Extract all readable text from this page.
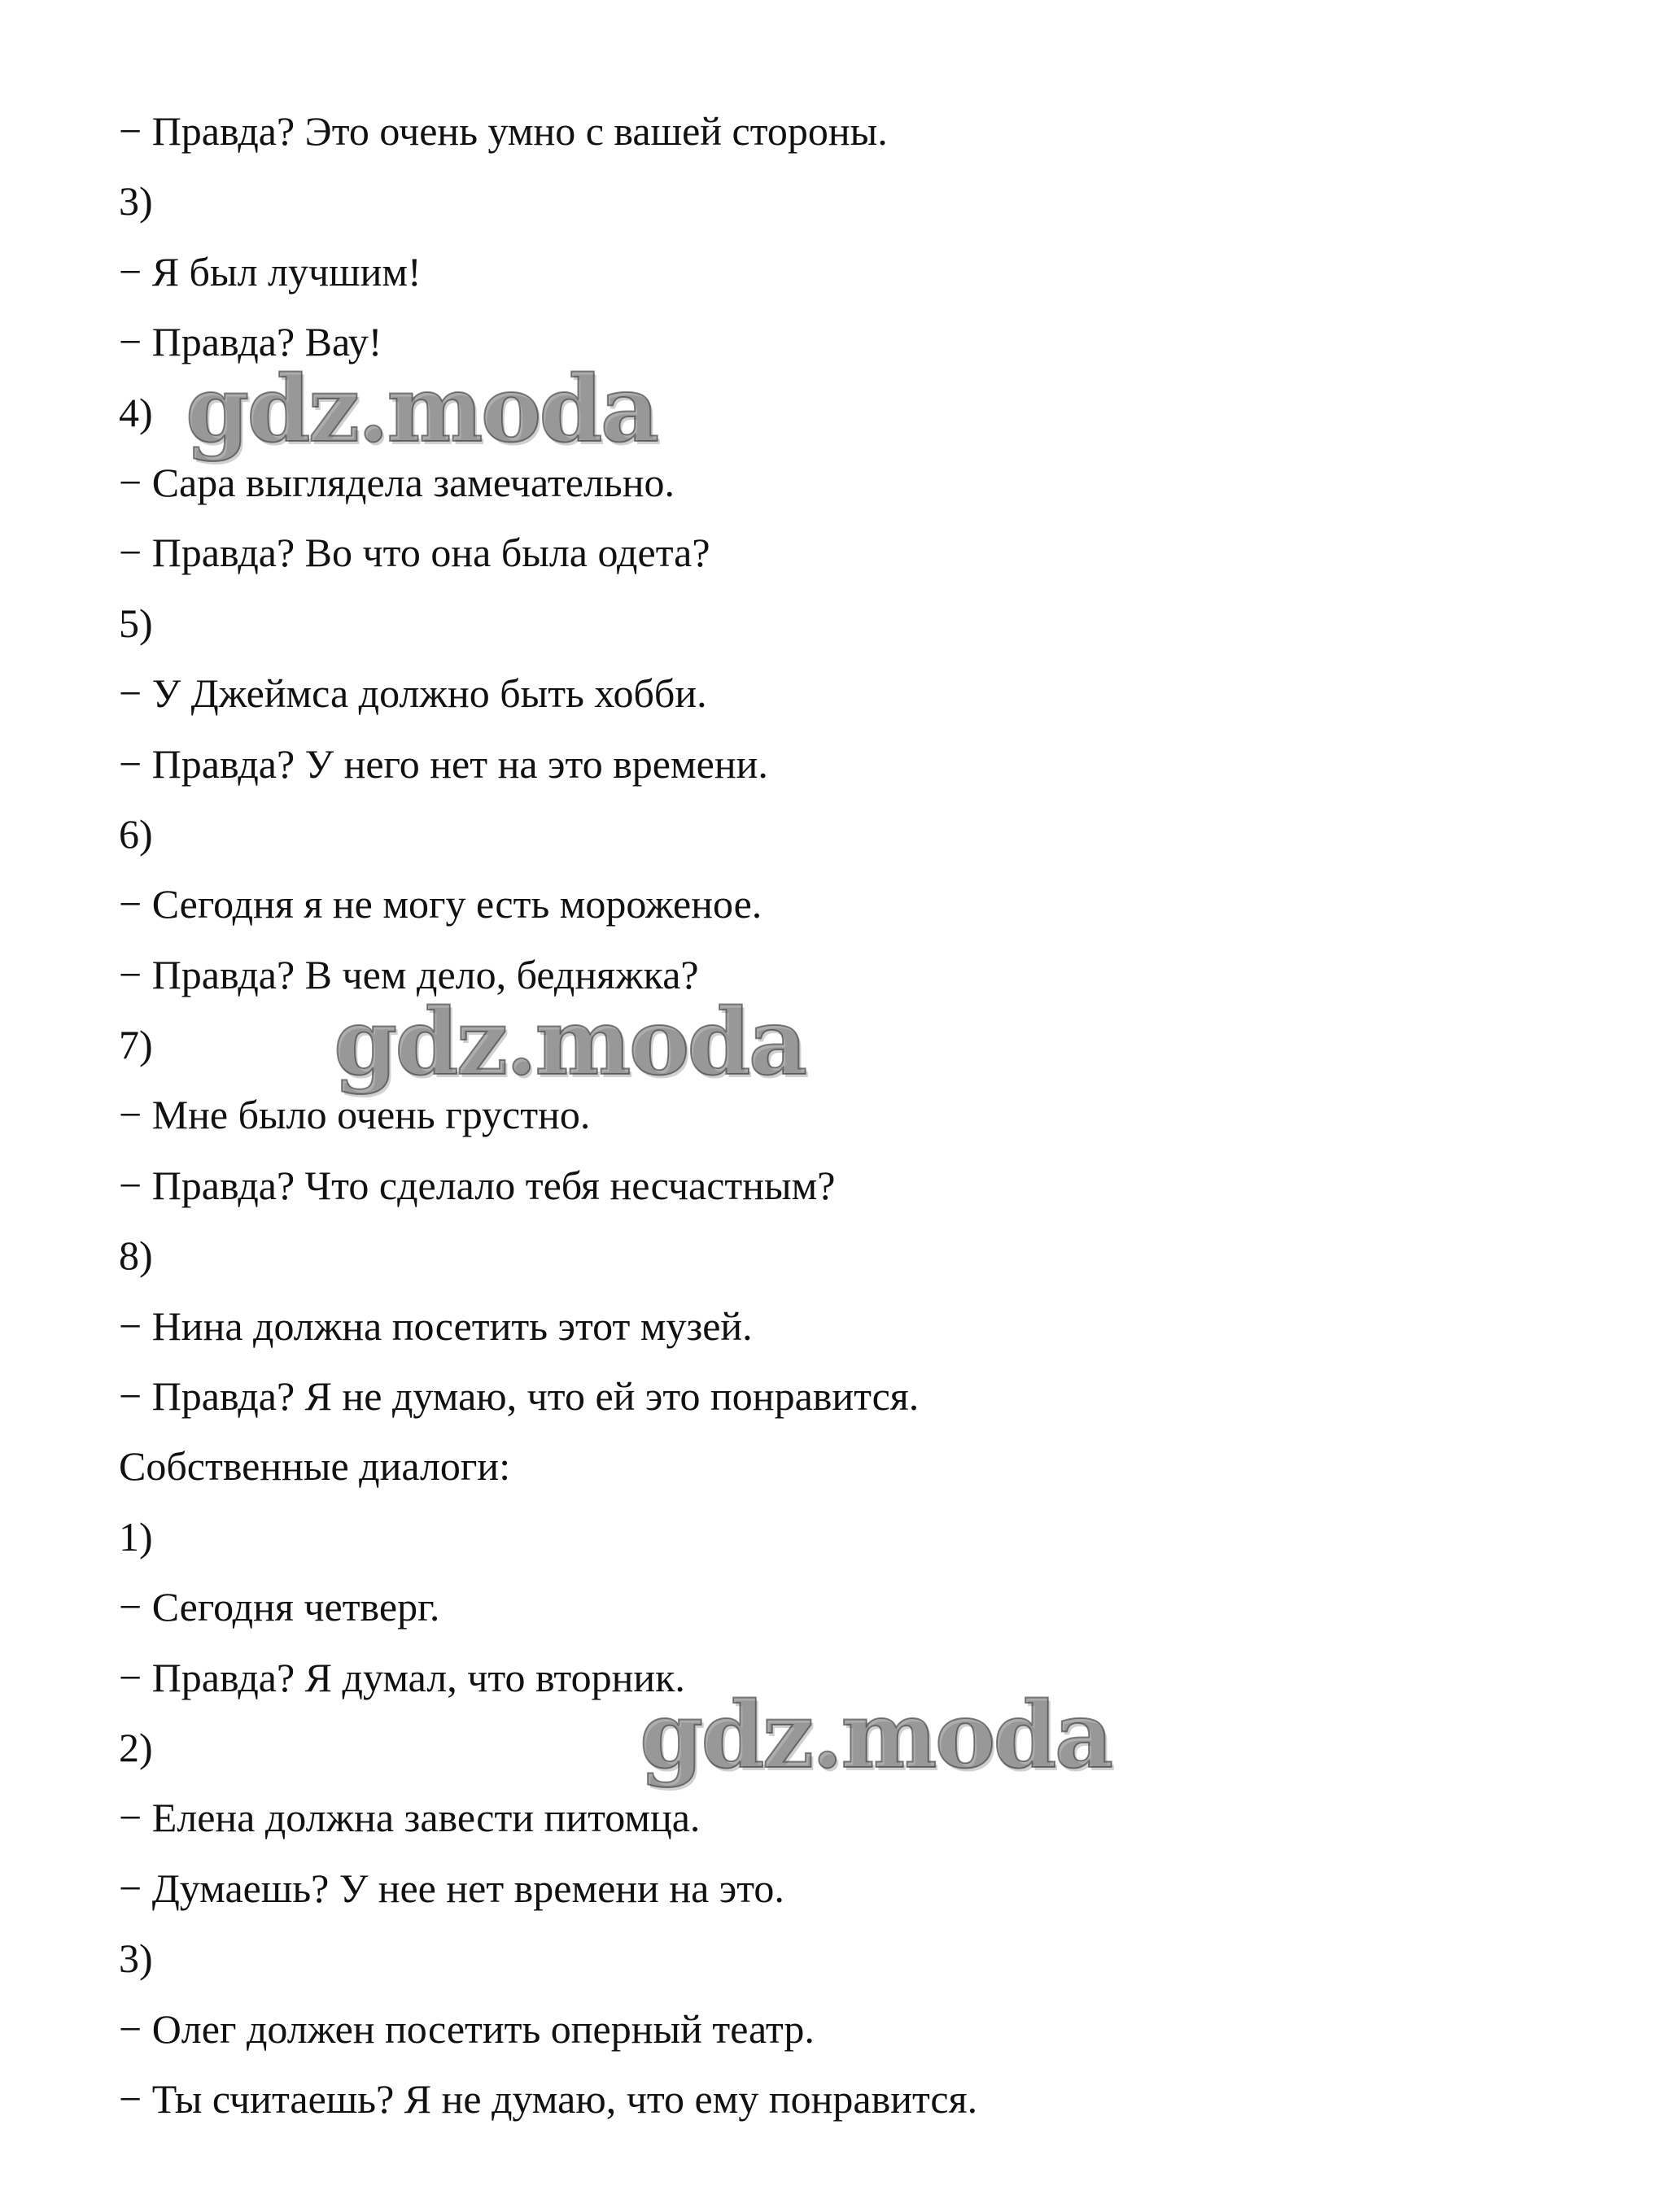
− Правда? Это очень умно с вашей стороны.
3)
− Я был лучшим!
− Правда? Вау!
4)
− Сара выглядела замечательно.
− Правда? Во что она была одета?
5)
− У Джеймса должно быть хобби.
− Правда? У него нет на это времени.
6)
− Сегодня я не могу есть мороженое.
− Правда? В чем дело, бедняжка?
7)
− Мне было очень грустно.
− Правда? Что сделало тебя несчастным?
8)
− Нина должна посетить этот музей.
− Правда? Я не думаю, что ей это понравится.
Собственные диалоги:
1)
− Сегодня четверг.
− Правда? Я думал, что вторник.
2)
− Елена должна завести питомца.
− Думаешь? У нее нет времени на это.
3)
− Олег должен посетить оперный театр.
− Ты считаешь? Я не думаю, что ему понравится.
gdz.moda
gdz.moda
gdz.moda
